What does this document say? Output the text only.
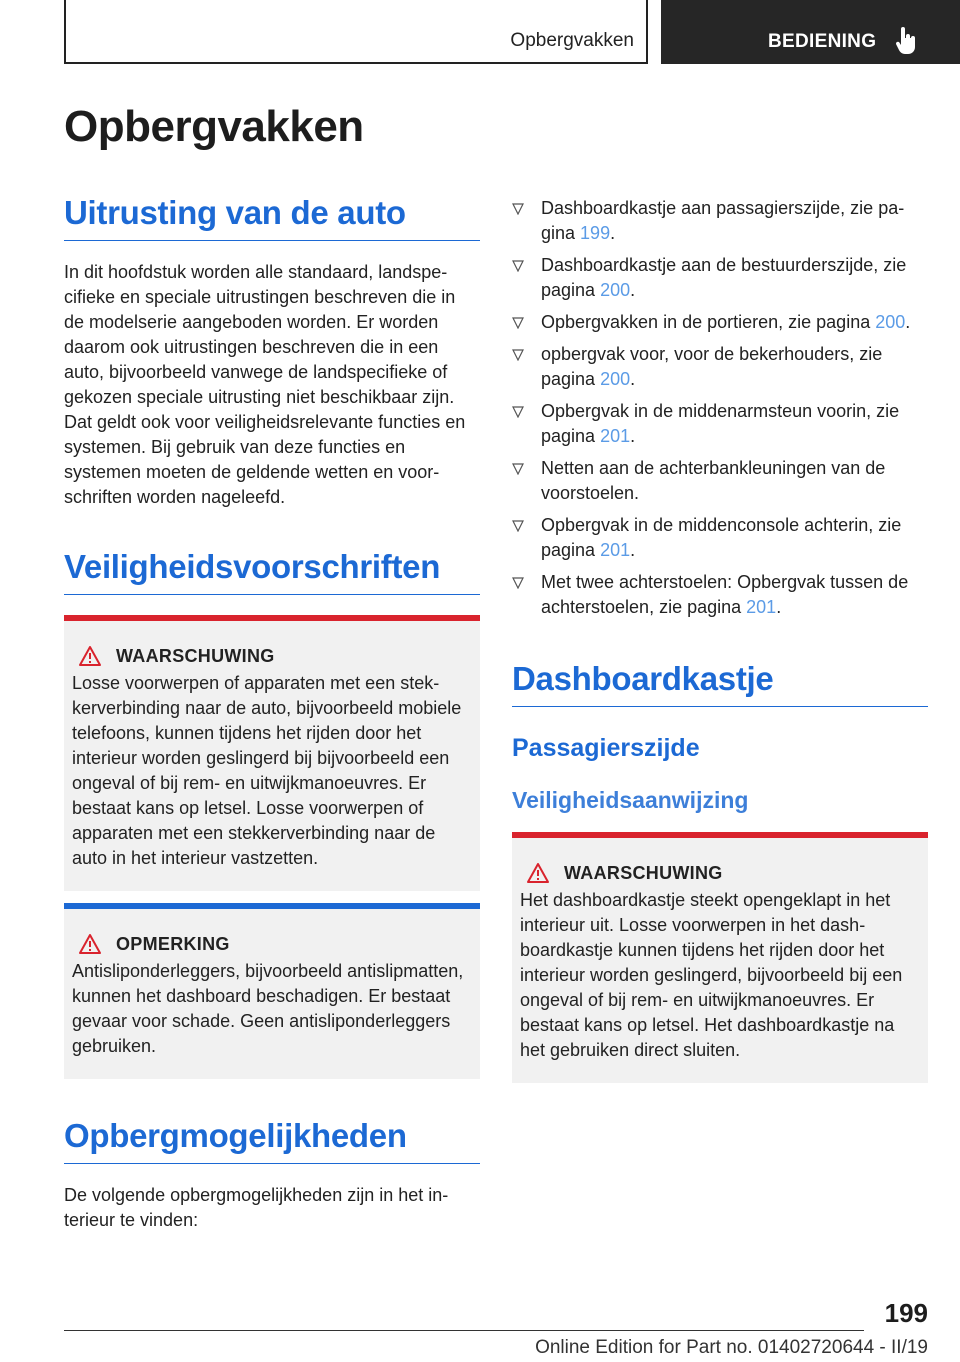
Opbergvakken	BEDIENING
Opbergvakken
Uitrusting van de auto

In dit hoofdstuk worden alle standaard, landspecifieke en speciale uitrustingen beschreven die in de modelserie aangeboden worden. Er worden daarom ook uitrustingen beschreven die in een auto, bijvoorbeeld vanwege de landspecifieke of gekozen speciale uitrusting niet beschikbaar zijn. Dat geldt ook voor veiligheidsrelevante functies en systemen. Bij gebruik van deze functies en systemen moeten de geldende wetten en voorschriften worden nageleefd.

Veiligheidsvoorschriften
WAARSCHUWING

Losse voorwerpen of apparaten met een stekkerverbinding naar de auto, bijvoorbeeld mobiele telefoons, kunnen tijdens het rijden door het interieur worden geslingerd bij bijvoorbeeld een ongeval of bij rem- en uitwijkmanoeuvres. Er bestaat kans op letsel. Losse voorwerpen of apparaten met een stekkerverbinding naar de auto in het interieur vastzetten.

OPMERKING

Antisliponderleggers, bijvoorbeeld antislipmatten, kunnen het dashboard beschadigen. Er bestaat gevaar voor schade. Geen antisliponderleggers gebruiken.

Opbergmogelijkheden

De volgende opbergmogelijkheden zijn in het interieur te vinden:

Dashboardkastje aan passagierszijde, zie pagina 199.
Dashboardkastje aan de bestuurderszijde, zie pagina 200.
Opbergvakken in de portieren, zie pagina 200.
opbergvak voor, voor de bekerhouders, zie pagina 200.
Opbergvak in de middenarmsteun voorin, zie pagina 201.
Netten aan de achterbankleuningen van de voorstoelen.
Opbergvak in de middenconsole achterin, zie pagina 201.
Met twee achterstoelen: Opbergvak tussen de achterstoelen, zie pagina 201.
Dashboardkastje
Passagierszijde
Veiligheidsaanwijzing
WAARSCHUWING

Het dashboardkastje steekt opengeklapt in het interieur uit. Losse voorwerpen in het dashboardkastje kunnen tijdens het rijden door het interieur worden geslingerd, bijvoorbeeld bij een ongeval of bij rem- en uitwijkmanoeuvres. Er bestaat kans op letsel. Het dashboardkastje na het gebruiken direct sluiten.

199
Online Edition for Part no. 01402720644 - II/19
